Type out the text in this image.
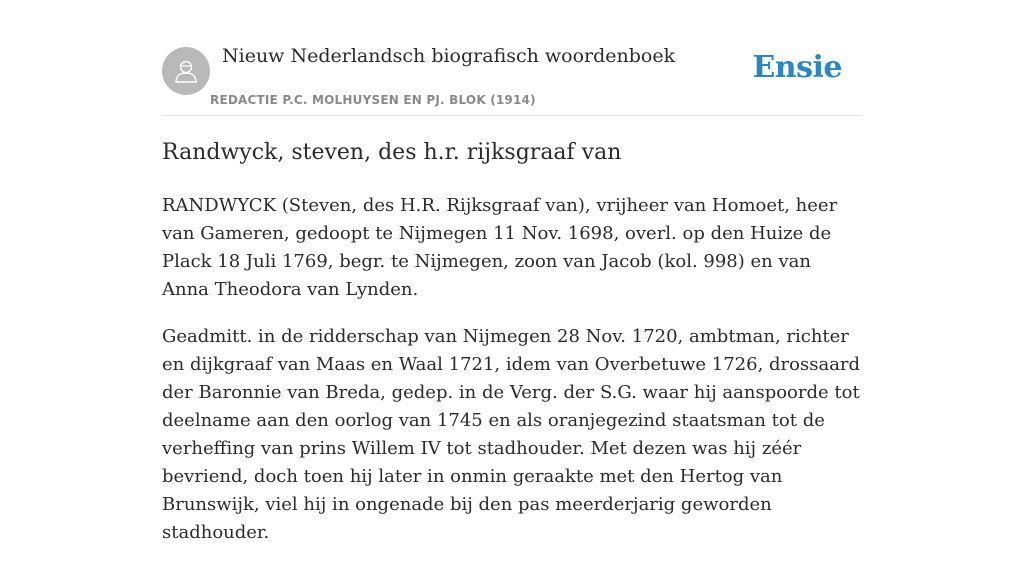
Nieuw Nederlandsch biografisch woordenboek
REDACTIE P.C. MOLHUYSEN EN PJ. BLOK (1914)
Ensie
Randwyck, steven, des h.r. rijksgraaf van

RANDWYCK (Steven, des H.R. Rijksgraaf van), vrijheer van Homoet, heer van Gameren, gedoopt te Nijmegen 11 Nov. 1698, overl. op den Huize de Plack 18 Juli 1769, begr. te Nijmegen, zoon van Jacob (kol. 998) en van Anna Theodora van Lynden.

Geadmitt. in de ridderschap van Nijmegen 28 Nov. 1720, ambtman, richter en dijkgraaf van Maas en Waal 1721, idem van Overbetuwe 1726, drossaard der Baronnie van Breda, gedep. in de Verg. der S.G. waar hij aanspoorde tot deelname aan den oorlog van 1745 en als oranjegezind staatsman tot de verheffing van prins Willem IV tot stadhouder. Met dezen was hij zéér bevriend, doch toen hij later in onmin geraakte met den Hertog van Brunswijk, viel hij in ongenade bij den pas meerderjarig geworden stadhouder.
